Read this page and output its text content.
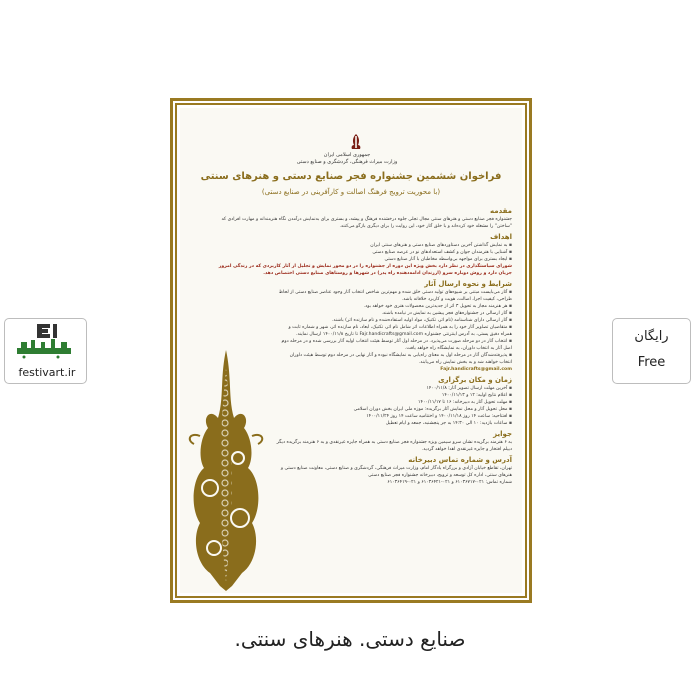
festivart.ir
رایگان
Free
جمهوری اسلامی ایران
وزارت میراث فرهنگی، گردشگری و صنایع دستی
فراخوان ششمین جشنواره فجر صنایع دستی و هنرهای سنتی
(با محوریت ترویج فرهنگ اصالت و کارآفرینی در صنایع دستی)
مقدمه
جشنواره فجر صنایع دستی و هنرهای سنتی مجال تجلی جلوه درخشنده فرهنگ و پیشه، و بستری برای به‌نمایش درآمدن نگاه هنرمندانه و مهارت افرادی که "ساختن" را مشغله خود کرده‌اند و با خلق آثار خود، این روایت را برای دیگری بازگو می‌کنند.
اهداف
▪ به نمایش گذاشتن آخرین دستاوردهای صنایع دستی و هنرهای سنتی ایران
▪ آشنایی با هنرمندان جوان و کشف استعدادهای نو در عرصه صنایع دستی
▪ ایجاد بستری برای مواجهه بی‌واسطه مخاطبان با آثار صنایع دستی
شورای سیاستگذاری در نظر دارد بخش ویژه این دوره از جشنواره را در دو محور نمایش و تجلیل از آثار کاربردی که در زندگی امروز جریان دارد و روش دوباره سرو (ارزندان ادامه‌دهنده راه پدر) در شهرها و روستاهای صنایع دستی اختصاص دهد.
شرایط و نحوه ارسال آثار
▪ آثار می‌بایست مبتنی بر شیوه‌های تولید دستی خلق شده و مهم‌ترین شاخص انتخاب آثار وجود عناصر صنایع دستی از لحاظ طراحی، کیفیت اجرا، اصالت، هویت و کاربرد خلاقانه باشد.
▪ هر هنرمند مجاز به تحویل ۳ اثر از جدیدترین محصولات هنری خود خواهد بود.
▪ آثار ارسالی در جشنواره‌های فجر پیشین به نمایش در نیامده باشند.
▪ آثار ارسالی دارای شناسنامه (نام اثر، تکنیک، مواد اولیه استفاده‌شده و نام سازنده اثر) باشند.
▪ متقاضیان تصاویر آثار خود را به همراه اطلاعات اثر شامل نام اثر، تکنیک، ابعاد، نام سازنده اثر، شهر و شماره ثابت و همراه دقیق پستی، به آدرس اینترنتی جشنواره Fajr.handicrafts@gmail.com تا تاریخ ۱۴۰۰/۱۱/۸ ارسال نمایند.
▪ انتخاب آثار در دو مرحله صورت می‌پذیرد. در مرحله اول آثار توسط هیئت انتخاب اولیه آثار بررسی شده و در مرحله دوم اصل آثار به انتخاب داوران، به نمایشگاه راه خواهد یافت.
▪ پذیرفته‌شدگان آثار در مرحله اول به معنای راه‌یابی به نمایشگاه نبوده و آثار نهایی در مرحله دوم توسط هیئت داوران انتخاب خواهند شد و به بخش نمایش راه می‌یابند.
Fajr.handicrafts@gmail.com
زمان و مکان برگزاری
▪ آخرین مهلت ارسال تصویر آثار: ۱۴۰۰/۱۱/۸
▪ اعلام نتایج اولیه: ۱۲ و ۱۴۰۰/۱۱/۱۳
▪ مهلت تحویل آثار به دبیرخانه: ۱۶ تا ۱۴۰۰/۱۱/۱۷
▪ محل تحویل آثار و محل نمایش آثار برگزیده: موزه ملی ایران بخش دوران اسلامی
▪ افتتاحیه: ساعت ۱۴ روز ۱۴۰۰/۱۱/۱۸ و اختتامیه ساعت ۱۴ روز ۱۴۰۰/۱۱/۲۴
▪ ساعات بازدید: ۱۰ الی ۱۴:۳۰ به جز پنجشنبه، جمعه و ایام تعطیل
جوایز
به ۶ هنرمند برگزیده نشان سرو سیمین ویژه جشنواره فجر صنایع دستی به همراه جایزه غیرنقدی و به ۶ هنرمند برگزیده دیگر دیپلم افتخار و جایزه غیرنقدی اهدا خواهد گردید.
آدرس و شماره تماس دبیرخانه
تهران، تقاطع خیابان آزادی و بزرگراه یادگار امام، وزارت میراث فرهنگی، گردشگری و صنایع دستی، معاونت صنایع دستی و هنرهای سنتی، اداره کل توسعه و ترویج، دبیرخانه جشنواره فجر صنایع دستی
شماره تماس: ۰۲۱-۶۱۰۳۶۷۱۷ و ۰۲۱-۶۱۰۳۶۴۲۱ و ۰۲۱-۶۱۰۳۶۴۱۹
صنایع دستی. هنرهای سنتی.
